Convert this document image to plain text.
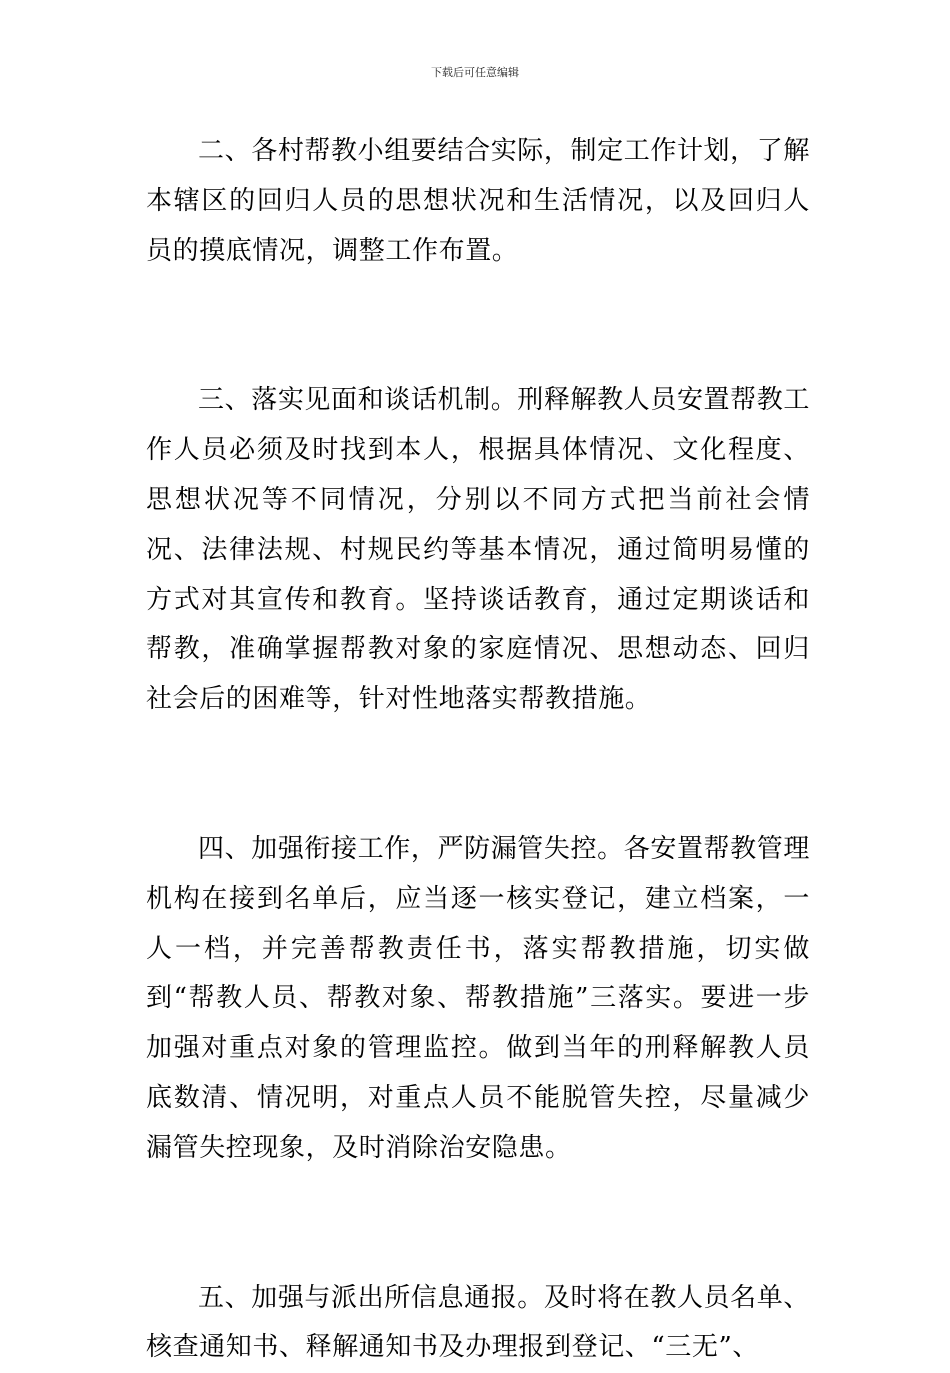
下载后可任意编辑

二、各村帮教小组要结合实际，制定工作计划，了解本辖区的回归人员的思想状况和生活情况，以及回归人员的摸底情况，调整工作布置。

三、落实见面和谈话机制。刑释解教人员安置帮教工作人员必须及时找到本人，根据具体情况、文化程度、思想状况等不同情况，分别以不同方式把当前社会情况、法律法规、村规民约等基本情况，通过简明易懂的方式对其宣传和教育。坚持谈话教育，通过定期谈话和帮教，准确掌握帮教对象的家庭情况、思想动态、回归社会后的困难等，针对性地落实帮教措施。

四、加强衔接工作，严防漏管失控。各安置帮教管理机构在接到名单后，应当逐一核实登记，建立档案，一人一档，并完善帮教责任书，落实帮教措施，切实做到“帮教人员、帮教对象、帮教措施”三落实。要进一步加强对重点对象的管理监控。做到当年的刑释解教人员底数清、情况明，对重点人员不能脱管失控，尽量减少漏管失控现象，及时消除治安隐患。

五、加强与派出所信息通报。及时将在教人员名单、核查通知书、释解通知书及办理报到登记、“三无”、
